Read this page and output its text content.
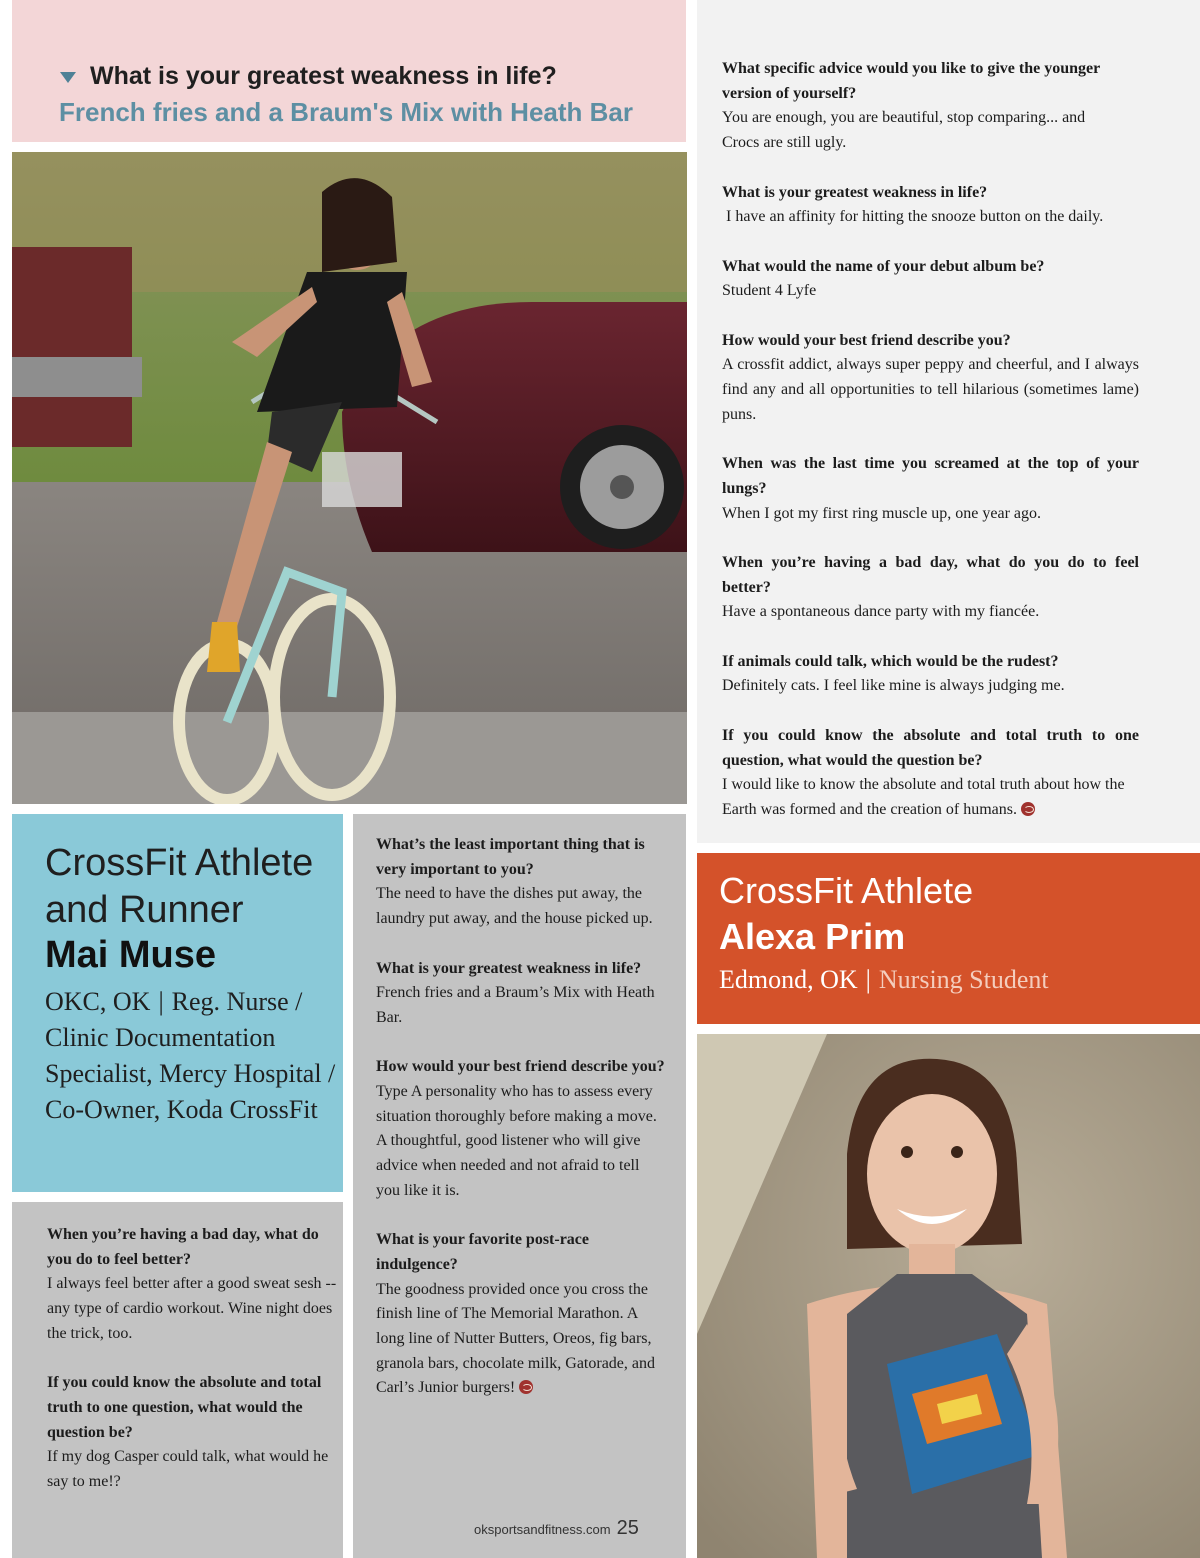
What is your greatest weakness in life?
French fries and a Braum's Mix with Heath Bar
What specific advice would you like to give the younger version of yourself?
You are enough, you are beautiful, stop comparing... and Crocs are still ugly.
What is your greatest weakness in life?
I have an affinity for hitting the snooze button on the daily.
What would the name of your debut album be?
Student 4 Lyfe
How would your best friend describe you?
A crossfit addict, always super peppy and cheerful, and I always find any and all opportunities to tell hilarious (sometimes lame) puns.
When was the last time you screamed at the top of your lungs?
When I got my first ring muscle up, one year ago.
When you’re having a bad day, what do you do to feel better?
Have a spontaneous dance party with my fiancée.
If animals could talk, which would be the rudest?
Definitely cats. I feel like mine is always judging me.
If you could know the absolute and total truth to one question, what would the question be?
I would like to know the absolute and total truth about how the Earth was formed and the creation of humans.
CrossFit Athlete
and Runner
Mai Muse
OKC, OK | Reg. Nurse / Clinic Documentation Specialist, Mercy Hospital / Co-Owner, Koda CrossFit
When you’re having a bad day, what do you do to feel better?
I always feel better after a good sweat sesh -- any type of cardio workout. Wine night does the trick, too.
If you could know the absolute and total truth to one question, what would the question be?
If my dog Casper could talk, what would he say to me!?
What’s the least important thing that is very important to you?
The need to have the dishes put away, the laundry put away, and the house picked up.
What is your greatest weakness in life?
French fries and a Braum’s Mix with Heath Bar.
How would your best friend describe you?
Type A personality who has to assess every situation thoroughly before making a move. A thoughtful, good listener who will give advice when needed and not afraid to tell you like it is.
What is your favorite post-race indulgence?
The goodness provided once you cross the finish line of The Memorial Marathon. A long line of Nutter Butters, Oreos, fig bars, granola bars, chocolate milk, Gatorade, and Carl’s Junior burgers!
oksportsandfitness.com 25
CrossFit Athlete
Alexa Prim
Edmond, OK | Nursing Student
